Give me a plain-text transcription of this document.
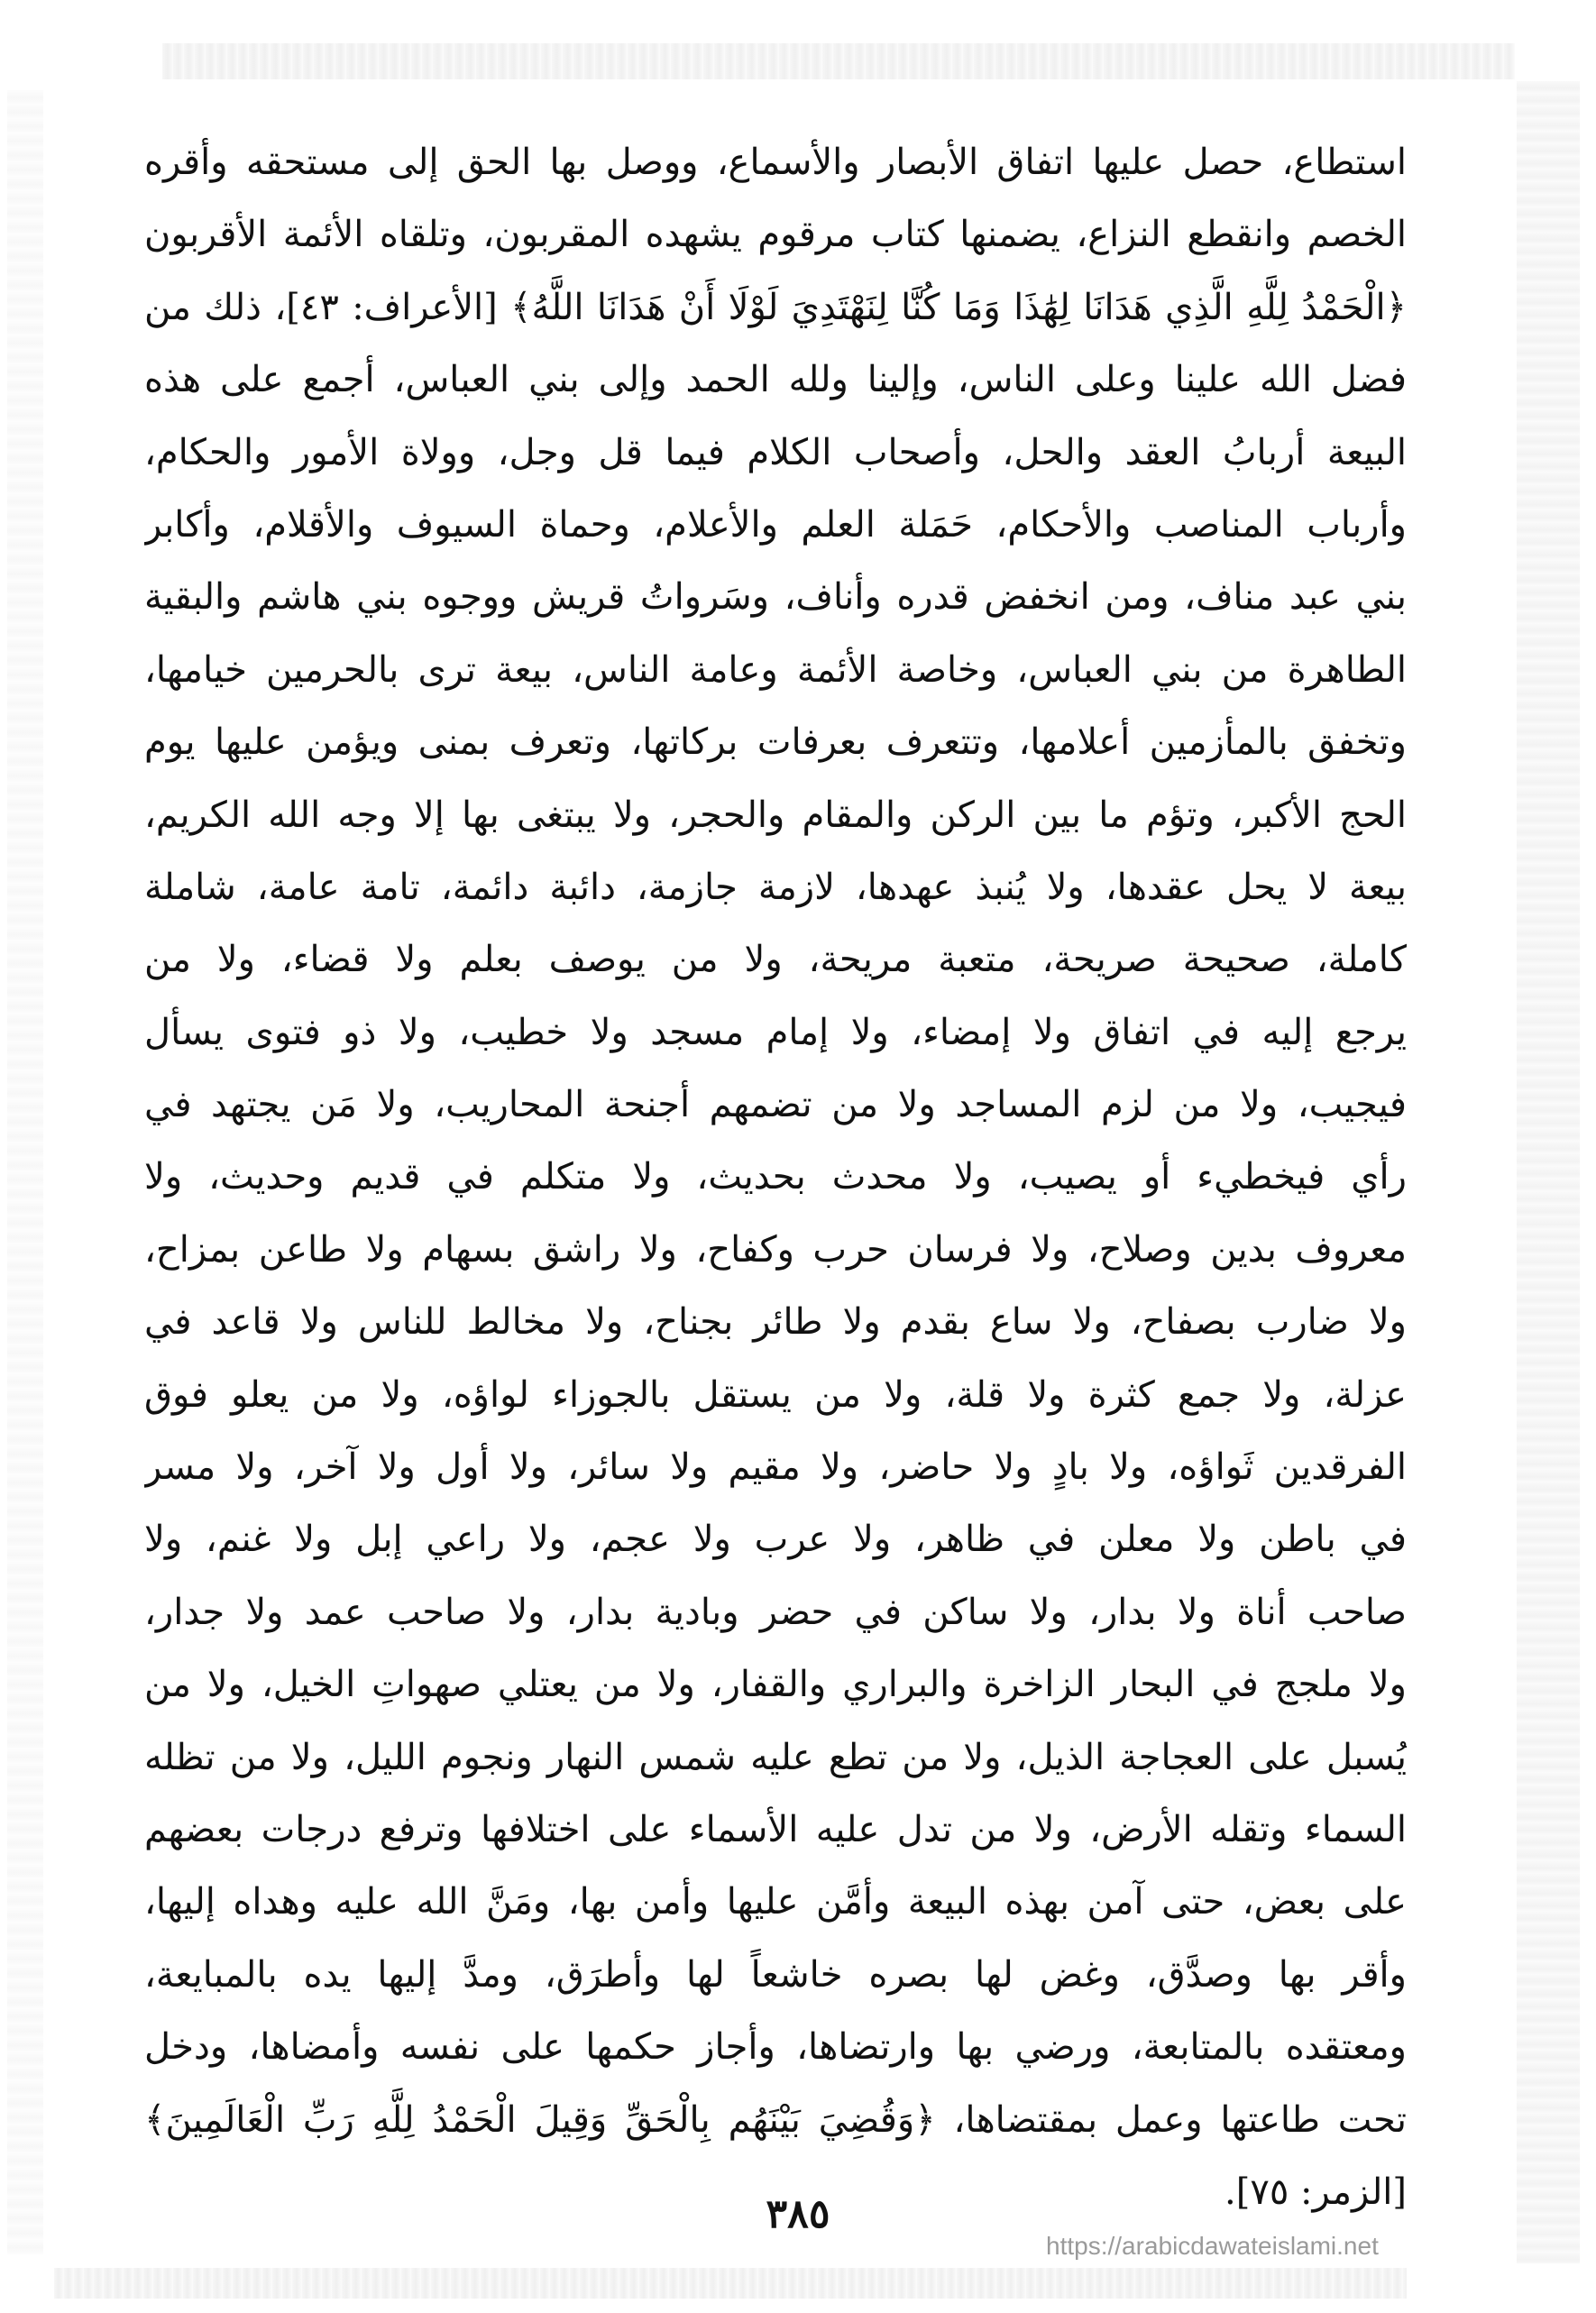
استطاع، حصل عليها اتفاق الأبصار والأسماع، ووصل بها الحق إلى مستحقه وأقره
الخصم وانقطع النزاع، يضمنها كتاب مرقوم يشهده المقربون، وتلقاه الأئمة الأقربون
﴿الْحَمْدُ لِلَّهِ الَّذِي هَدَانَا لِهَٰذَا وَمَا كُنَّا لِنَهْتَدِيَ لَوْلَا أَنْ هَدَانَا اللَّهُ﴾ [الأعراف: ٤٣]، ذلك من
فضل الله علينا وعلى الناس، وإلينا ولله الحمد وإلى بني العباس، أجمع على هذه
البيعة أربابُ العقد والحل، وأصحاب الكلام فيما قل وجل، وولاة الأمور والحكام،
وأرباب المناصب والأحكام، حَمَلة العلم والأعلام، وحماة السيوف والأقلام، وأكابر
بني عبد مناف، ومن انخفض قدره وأناف، وسَرواتُ قريش ووجوه بني هاشم والبقية
الطاهرة من بني العباس، وخاصة الأئمة وعامة الناس، بيعة ترى بالحرمين خيامها،
وتخفق بالمأزمين أعلامها، وتتعرف بعرفات بركاتها، وتعرف بمنى ويؤمن عليها يوم
الحج الأكبر، وتؤم ما بين الركن والمقام والحجر، ولا يبتغى بها إلا وجه الله الكريم،
بيعة لا يحل عقدها، ولا يُنبذ عهدها، لازمة جازمة، دائبة دائمة، تامة عامة، شاملة
كاملة، صحيحة صريحة، متعبة مريحة، ولا من يوصف بعلم ولا قضاء، ولا من
يرجع إليه في اتفاق ولا إمضاء، ولا إمام مسجد ولا خطيب، ولا ذو فتوى يسأل
فيجيب، ولا من لزم المساجد ولا من تضمهم أجنحة المحاريب، ولا مَن يجتهد في
رأي فيخطيء أو يصيب، ولا محدث بحديث، ولا متكلم في قديم وحديث، ولا
معروف بدين وصلاح، ولا فرسان حرب وكفاح، ولا راشق بسهام ولا طاعن بمزاح،
ولا ضارب بصفاح، ولا ساع بقدم ولا طائر بجناح، ولا مخالط للناس ولا قاعد في
عزلة، ولا جمع كثرة ولا قلة، ولا من يستقل بالجوزاء لواؤه، ولا من يعلو فوق
الفرقدين ثَواؤه، ولا بادٍ ولا حاضر، ولا مقيم ولا سائر، ولا أول ولا آخر، ولا مسر
في باطن ولا معلن في ظاهر، ولا عرب ولا عجم، ولا راعي إبل ولا غنم، ولا
صاحب أناة ولا بدار، ولا ساكن في حضر وبادية بدار، ولا صاحب عمد ولا جدار،
ولا ملجج في البحار الزاخرة والبراري والقفار، ولا من يعتلي صهواتِ الخيل، ولا من
يُسبل على العجاجة الذيل، ولا من تطع عليه شمس النهار ونجوم الليل، ولا من تظله
السماء وتقله الأرض، ولا من تدل عليه الأسماء على اختلافها وترفع درجات بعضهم
على بعض، حتى آمن بهذه البيعة وأمَّن عليها وأمن بها، ومَنَّ الله عليه وهداه إليها،
وأقر بها وصدَّق، وغض لها بصره خاشعاً لها وأطرَق، ومدَّ إليها يده بالمبايعة،
ومعتقده بالمتابعة، ورضي بها وارتضاها، وأجاز حكمها على نفسه وأمضاها، ودخل
تحت طاعتها وعمل بمقتضاها، ﴿وَقُضِيَ بَيْنَهُم بِالْحَقِّ وَقِيلَ الْحَمْدُ لِلَّهِ رَبِّ الْعَالَمِينَ﴾
[الزمر: ٧٥].
٣٨٥
https://arabicdawateislami.net
